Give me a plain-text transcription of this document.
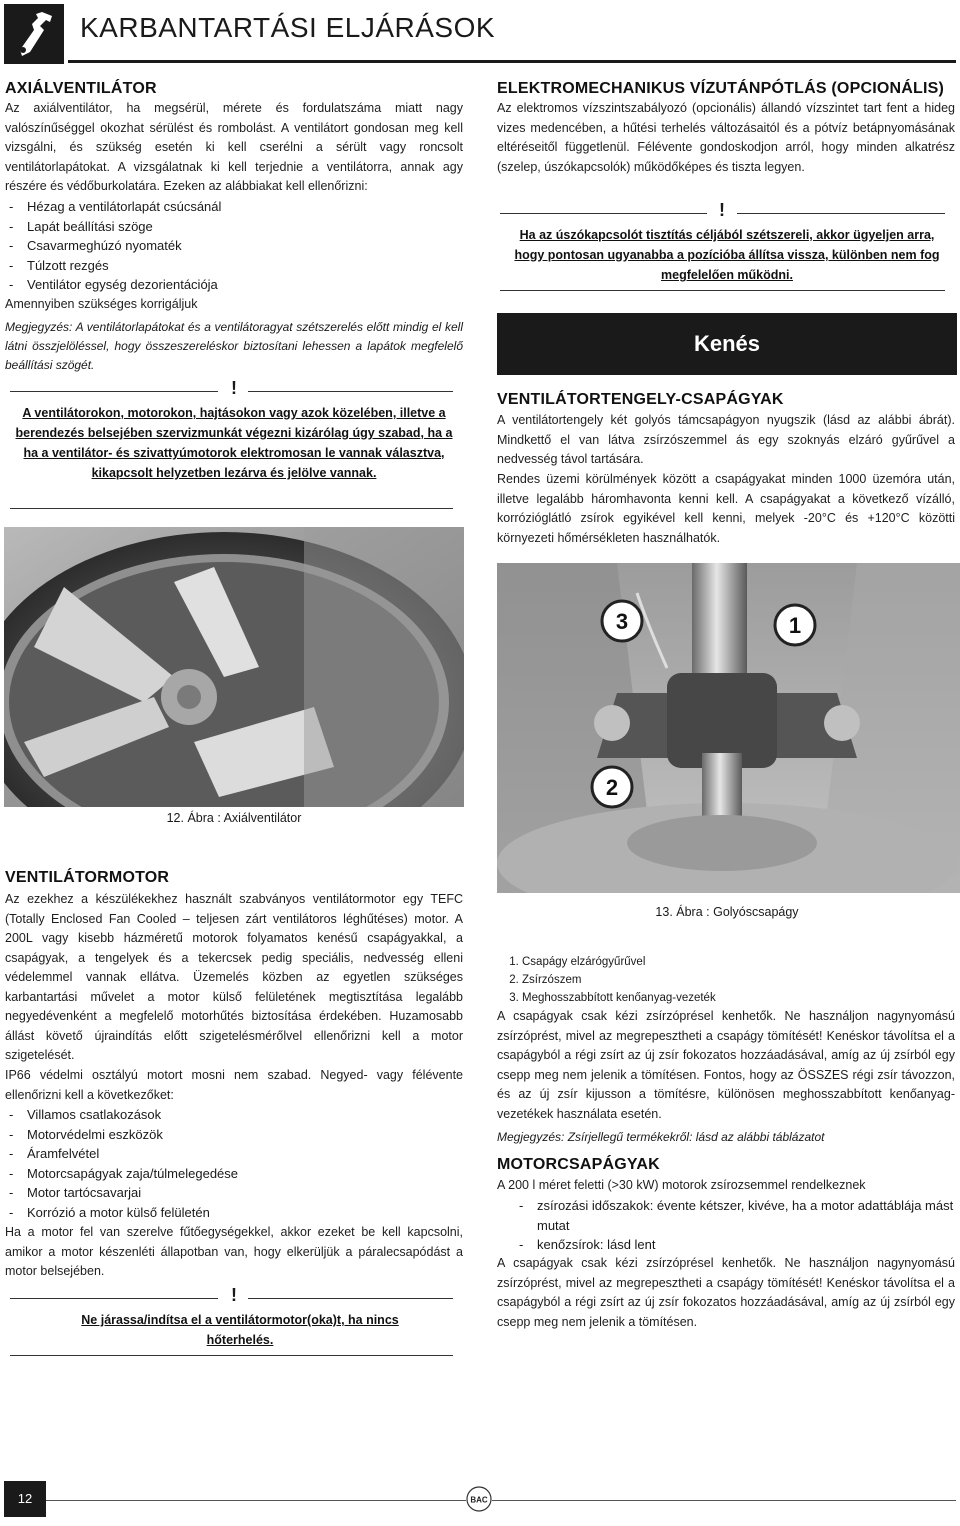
KARBANTARTÁSI ELJÁRÁSOK
AXIÁLVENTILÁTOR
Az axiálventilátor, ha megsérül, mérete és fordulatszáma miatt nagy valószínűséggel okozhat sérülést és rombolást. A ventilátort gondosan meg kell vizsgálni, és szükség esetén ki kell cserélni a sérült vagy roncsolt ventilátorlapátokat. A vizsgálatnak ki kell terjednie a ventilátorra, annak agy részére és védőburkolatára. Ezeken az alábbiakat kell ellenőrizni:
- Hézag a ventilátorlapát csúcsánál
- Lapát beállítási szöge
- Csavarmeghúzó nyomaték
- Túlzott rezgés
- Ventilátor egység dezorientációja
Amennyiben szükséges korrigáljuk
Megjegyzés: A ventilátorlapátokat és a ventilátoragyat szétszerelés előtt mindig el kell látni összjelöléssel, hogy összeszereléskor biztosítani lehessen a lapátok megfelelő beállítási szögét.
!
A ventilátorokon, motorokon, hajtásokon vagy azok közelében, illetve a berendezés belsejében szervizmunkát végezni kizárólag úgy szabad, ha a ha a ventilátor- és szivattyúmotorok elektromosan le vannak választva, kikapcsolt helyzetben lezárva és jelölve vannak.
12. Ábra : Axiálventilátor
VENTILÁTORMOTOR
Az ezekhez a készülékekhez használt szabványos ventilátormotor egy TEFC (Totally Enclosed Fan Cooled – teljesen zárt ventilátoros léghűtéses) motor. A 200L vagy kisebb házméretű motorok folyamatos kenésű csapágyakkal, a csapágyak, a tengelyek és a tekercsek pedig speciális, nedvesség elleni védelemmel vannak ellátva. Üzemelés közben az egyetlen szükséges karbantartási művelet a motor külső felületének megtisztítása legalább negyedévenként a megfelelő motorhűtés biztosítása érdekében. Huzamosabb állást követő újraindítás előtt szigetelésmérőlvel ellenőrizni kell a motor szigetelését.
IP66 védelmi osztályú motort mosni nem szabad. Negyed- vagy félévente ellenőrizni kell a következőket:
- Villamos csatlakozások
- Motorvédelmi eszközök
- Áramfelvétel
- Motorcsapágyak zaja/túlmelegedése
- Motor tartócsavarjai
- Korrózió a motor külső felületén
Ha a motor fel van szerelve fűtőegységekkel, akkor ezeket be kell kapcsolni, amikor a motor készenléti állapotban van, hogy elkerüljük a páralecsapódást a motor belsejében.
!
Ne járassa/indítsa el a ventilátormotor(oka)t, ha nincs hőterhelés.
ELEKTROMECHANIKUS VÍZUTÁNPÓTLÁS (OPCIONÁLIS)
Az elektromos vízszintszabályozó (opcionális) állandó vízszintet tart fent a hideg vizes medencében, a hűtési terhelés változásaitól és a pótvíz betápnyomásának eltéréseitől függetlenül. Félévente gondoskodjon arról, hogy minden alkatrész (szelep, úszókapcsolók) működőképes és tiszta legyen.
!
Ha az úszókapcsolót tisztítás céljából szétszereli, akkor ügyeljen arra, hogy pontosan ugyanabba a pozícióba állítsa vissza, különben nem fog megfelelően működni.
Kenés
VENTILÁTORTENGELY-CSAPÁGYAK
A ventilátortengely két golyós támcsapágyon nyugszik (lásd az alábbi ábrát). Mindkettő el van látva zsírzószemmel ás egy szoknyás elzáró gyűrűvel a nedvesség távol tartására.
Rendes üzemi körülmények között a csapágyakat minden 1000 üzemóra után, illetve legalább háromhavonta kenni kell. A csapágyakat a következő vízálló, korrózióglátló zsírok egyikével kell kenni, melyek -20°C és +120°C közötti környezeti hőmérsékleten használhatók.
3	1
2
13. Ábra : Golyóscsapágy
1. Csapágy elzárógyűrűvel
2. Zsírzószem
3. Meghosszabbított kenőanyag-vezeték
A csapágyak csak kézi zsírzóprésel kenhetők. Ne használjon nagynyomású zsírzóprést, mivel az megrepesztheti a csapágy tömítését! Kenéskor távolítsa el a csapágyból a régi zsírt az új zsír fokozatos hozzáadásával, amíg az új zsírból egy csepp meg nem jelenik a tömítésen. Fontos, hogy az ÖSSZES régi zsír távozzon, és az új zsír kijusson a tömítésre, különösen meghosszabbított kenőanyag-vezetékek használata esetén.
Megjegyzés: Zsírjellegű termékekről: lásd az alábbi táblázatot
MOTORCSAPÁGYAK
A 200 l méret feletti (>30 kW) motorok zsírozsemmel rendelkeznek
- zsírozási időszakok: évente kétszer, kivéve, ha a motor adattáblája mást mutat
- kenőzsírok: lásd lent
A csapágyak csak kézi zsírzóprésel kenhetők. Ne használjon nagynyomású zsírzóprést, mivel az megrepesztheti a csapágy tömítését! Kenéskor távolítsa el a csapágyból a régi zsírt az új zsír fokozatos hozzáadásával, amíg az új zsírból egy csepp meg nem jelenik a tömítésen.
12	BAC
